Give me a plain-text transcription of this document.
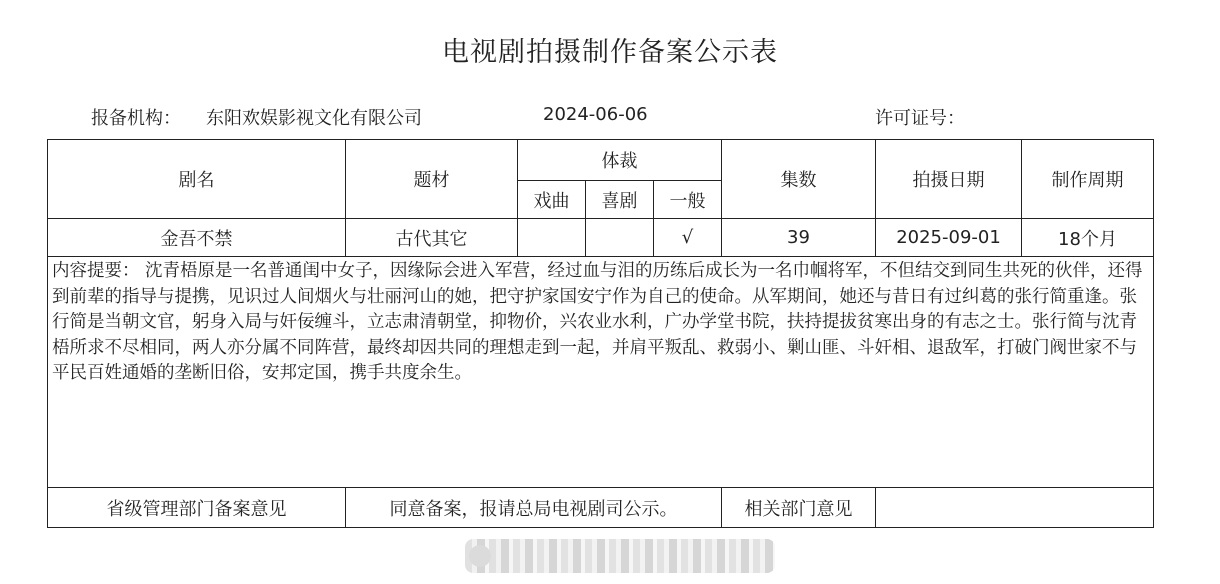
电视剧拍摄制作备案公示表
报备机构： 东阳欢娱影视文化有限公司	2024-06-06	许可证号：
剧名	题材	体裁			集数	拍摄日期	制作周期
		戏曲	喜剧	一般			
金吾不禁	古代其它			√	39	2025-09-01	18个月
内容提要： 沈青梧原是一名普通闺中女子，因缘际会进入军营，经过血与泪的历练后成长为一名巾帼将军，不但结交到同生共死的伙伴，还得到前辈的指导与提携，见识过人间烟火与壮丽河山的她，把守护家国安宁作为自己的使命。从军期间，她还与昔日有过纠葛的张行简重逢。张行简是当朝文官，躬身入局与奸佞缠斗，立志肃清朝堂，抑物价，兴农业水利，广办学堂书院，扶持提拔贫寒出身的有志之士。张行简与沈青梧所求不尽相同，两人亦分属不同阵营，最终却因共同的理想走到一起，并肩平叛乱、救弱小、剿山匪、斗奸相、退敌军，打破门阀世家不与平民百姓通婚的垄断旧俗，安邦定国，携手共度余生。							
省级管理部门备案意见	同意备案，报请总局电视剧司公示。				相关部门意见		
